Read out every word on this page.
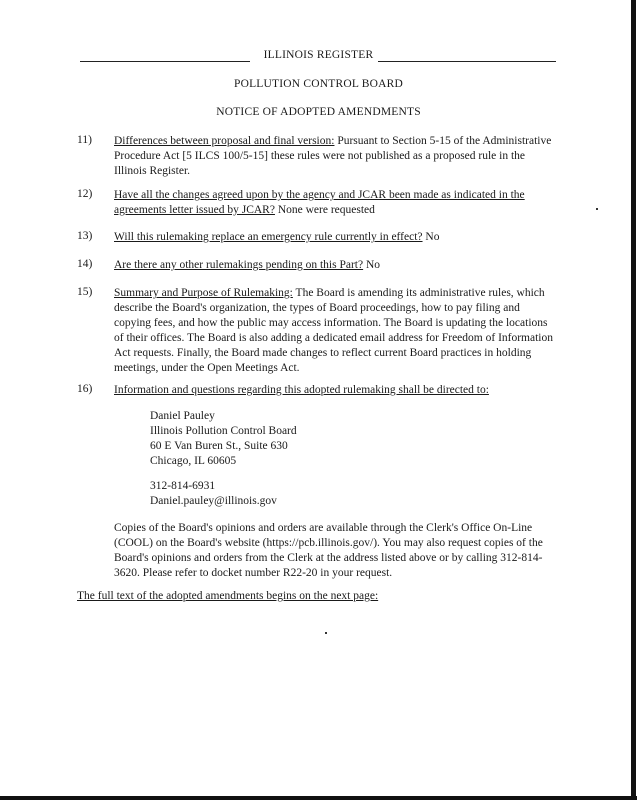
ILLINOIS REGISTER
POLLUTION CONTROL BOARD
NOTICE OF ADOPTED AMENDMENTS
11)	Differences between proposal and final version: Pursuant to Section 5-15 of the Administrative Procedure Act [5 ILCS 100/5-15] these rules were not published as a proposed rule in the Illinois Register.
12)	Have all the changes agreed upon by the agency and JCAR been made as indicated in the agreements letter issued by JCAR? None were requested
13)	Will this rulemaking replace an emergency rule currently in effect? No
14)	Are there any other rulemakings pending on this Part? No
15)	Summary and Purpose of Rulemaking: The Board is amending its administrative rules, which describe the Board's organization, the types of Board proceedings, how to pay filing and copying fees, and how the public may access information. The Board is updating the locations of their offices. The Board is also adding a dedicated email address for Freedom of Information Act requests. Finally, the Board made changes to reflect current Board practices in holding meetings, under the Open Meetings Act.
16)	Information and questions regarding this adopted rulemaking shall be directed to:
Daniel Pauley
Illinois Pollution Control Board
60 E Van Buren St., Suite 630
Chicago, IL 60605
312-814-6931
Daniel.pauley@illinois.gov
Copies of the Board's opinions and orders are available through the Clerk's Office On-Line (COOL) on the Board's website (https://pcb.illinois.gov/). You may also request copies of the Board's opinions and orders from the Clerk at the address listed above or by calling 312-814-3620. Please refer to docket number R22-20 in your request.
The full text of the adopted amendments begins on the next page:
